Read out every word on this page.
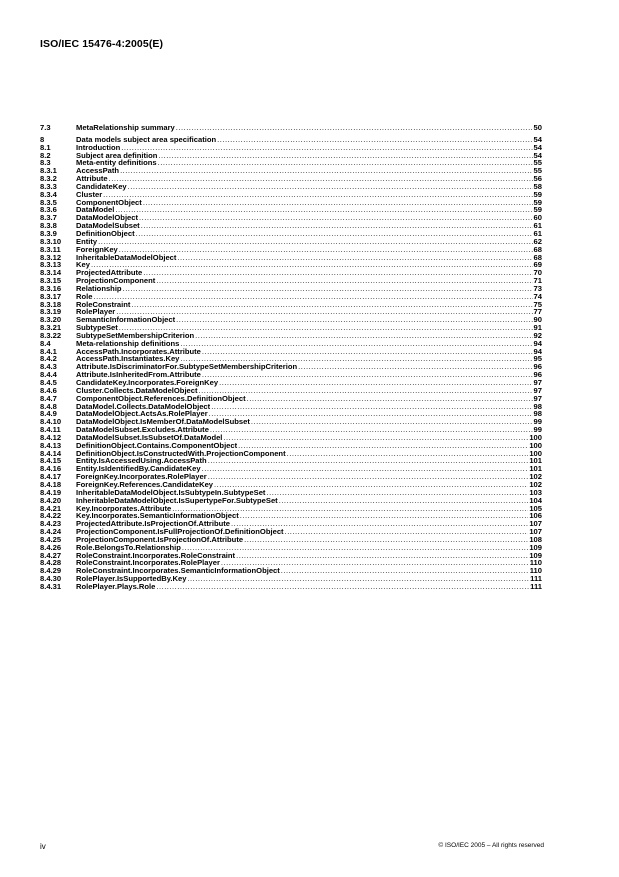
ISO/IEC 15476-4:2005(E)
7.3	MetaRelationship summary .....	50
8	Data models subject area specification .....	54
8.1	Introduction .....	54
8.2	Subject area definition .....	54
8.3	Meta-entity definitions .....	55
8.3.1	AccessPath .....	55
8.3.2	Attribute .....	56
8.3.3	CandidateKey .....	58
8.3.4	Cluster .....	59
8.3.5	ComponentObject .....	59
8.3.6	DataModel .....	59
8.3.7	DataModelObject .....	60
8.3.8	DataModelSubset .....	61
8.3.9	DefinitionObject .....	61
8.3.10	Entity .....	62
8.3.11	ForeignKey .....	68
8.3.12	InheritableDataModelObject .....	68
8.3.13	Key .....	69
8.3.14	ProjectedAttribute .....	70
8.3.15	ProjectionComponent .....	71
8.3.16	Relationship .....	73
8.3.17	Role .....	74
8.3.18	RoleConstraint .....	75
8.3.19	RolePlayer .....	77
8.3.20	SemanticInformationObject .....	90
8.3.21	SubtypeSet .....	91
8.3.22	SubtypeSetMembershipCriterion .....	92
8.4	Meta-relationship definitions .....	94
8.4.1	AccessPath.Incorporates.Attribute .....	94
8.4.2	AccessPath.Instantiates.Key .....	95
8.4.3	Attribute.IsDiscriminatorFor.SubtypeSetMembershipCriterion .....	96
8.4.4	Attribute.IsInheritedFrom.Attribute .....	96
8.4.5	CandidateKey.Incorporates.ForeignKey .....	97
8.4.6	Cluster.Collects.DataModelObject .....	97
8.4.7	ComponentObject.References.DefinitionObject .....	97
8.4.8	DataModel.Collects.DataModelObject .....	98
8.4.9	DataModelObject.ActsAs.RolePlayer .....	98
8.4.10	DataModelObject.IsMemberOf.DataModelSubset .....	99
8.4.11	DataModelSubset.Excludes.Attribute .....	99
8.4.12	DataModelSubset.IsSubsetOf.DataModel .....	100
8.4.13	DefinitionObject.Contains.ComponentObject .....	100
8.4.14	DefinitionObject.IsConstructedWith.ProjectionComponent .....	100
8.4.15	Entity.IsAccessedUsing.AccessPath .....	101
8.4.16	Entity.IsIdentifiedBy.CandidateKey .....	101
8.4.17	ForeignKey.Incorporates.RolePlayer .....	102
8.4.18	ForeignKey.References.CandidateKey .....	102
8.4.19	InheritableDataModelObject.IsSubtypeIn.SubtypeSet .....	103
8.4.20	InheritableDataModelObject.IsSupertypeFor.SubtypeSet .....	104
8.4.21	Key.Incorporates.Attribute .....	105
8.4.22	Key.Incorporates.SemanticInformationObject .....	106
8.4.23	ProjectedAttribute.IsProjectionOf.Attribute .....	107
8.4.24	ProjectionComponent.IsFullProjectionOf.DefinitionObject .....	107
8.4.25	ProjectionComponent.IsProjectionOf.Attribute .....	108
8.4.26	Role.BelongsTo.Relationship .....	109
8.4.27	RoleConstraint.Incorporates.RoleConstraint .....	109
8.4.28	RoleConstraint.Incorporates.RolePlayer .....	110
8.4.29	RoleConstraint.Incorporates.SemanticInformationObject .....	110
8.4.30	RolePlayer.IsSupportedBy.Key .....	111
8.4.31	RolePlayer.Plays.Role .....	111
iv	© ISO/IEC 2005 – All rights reserved
